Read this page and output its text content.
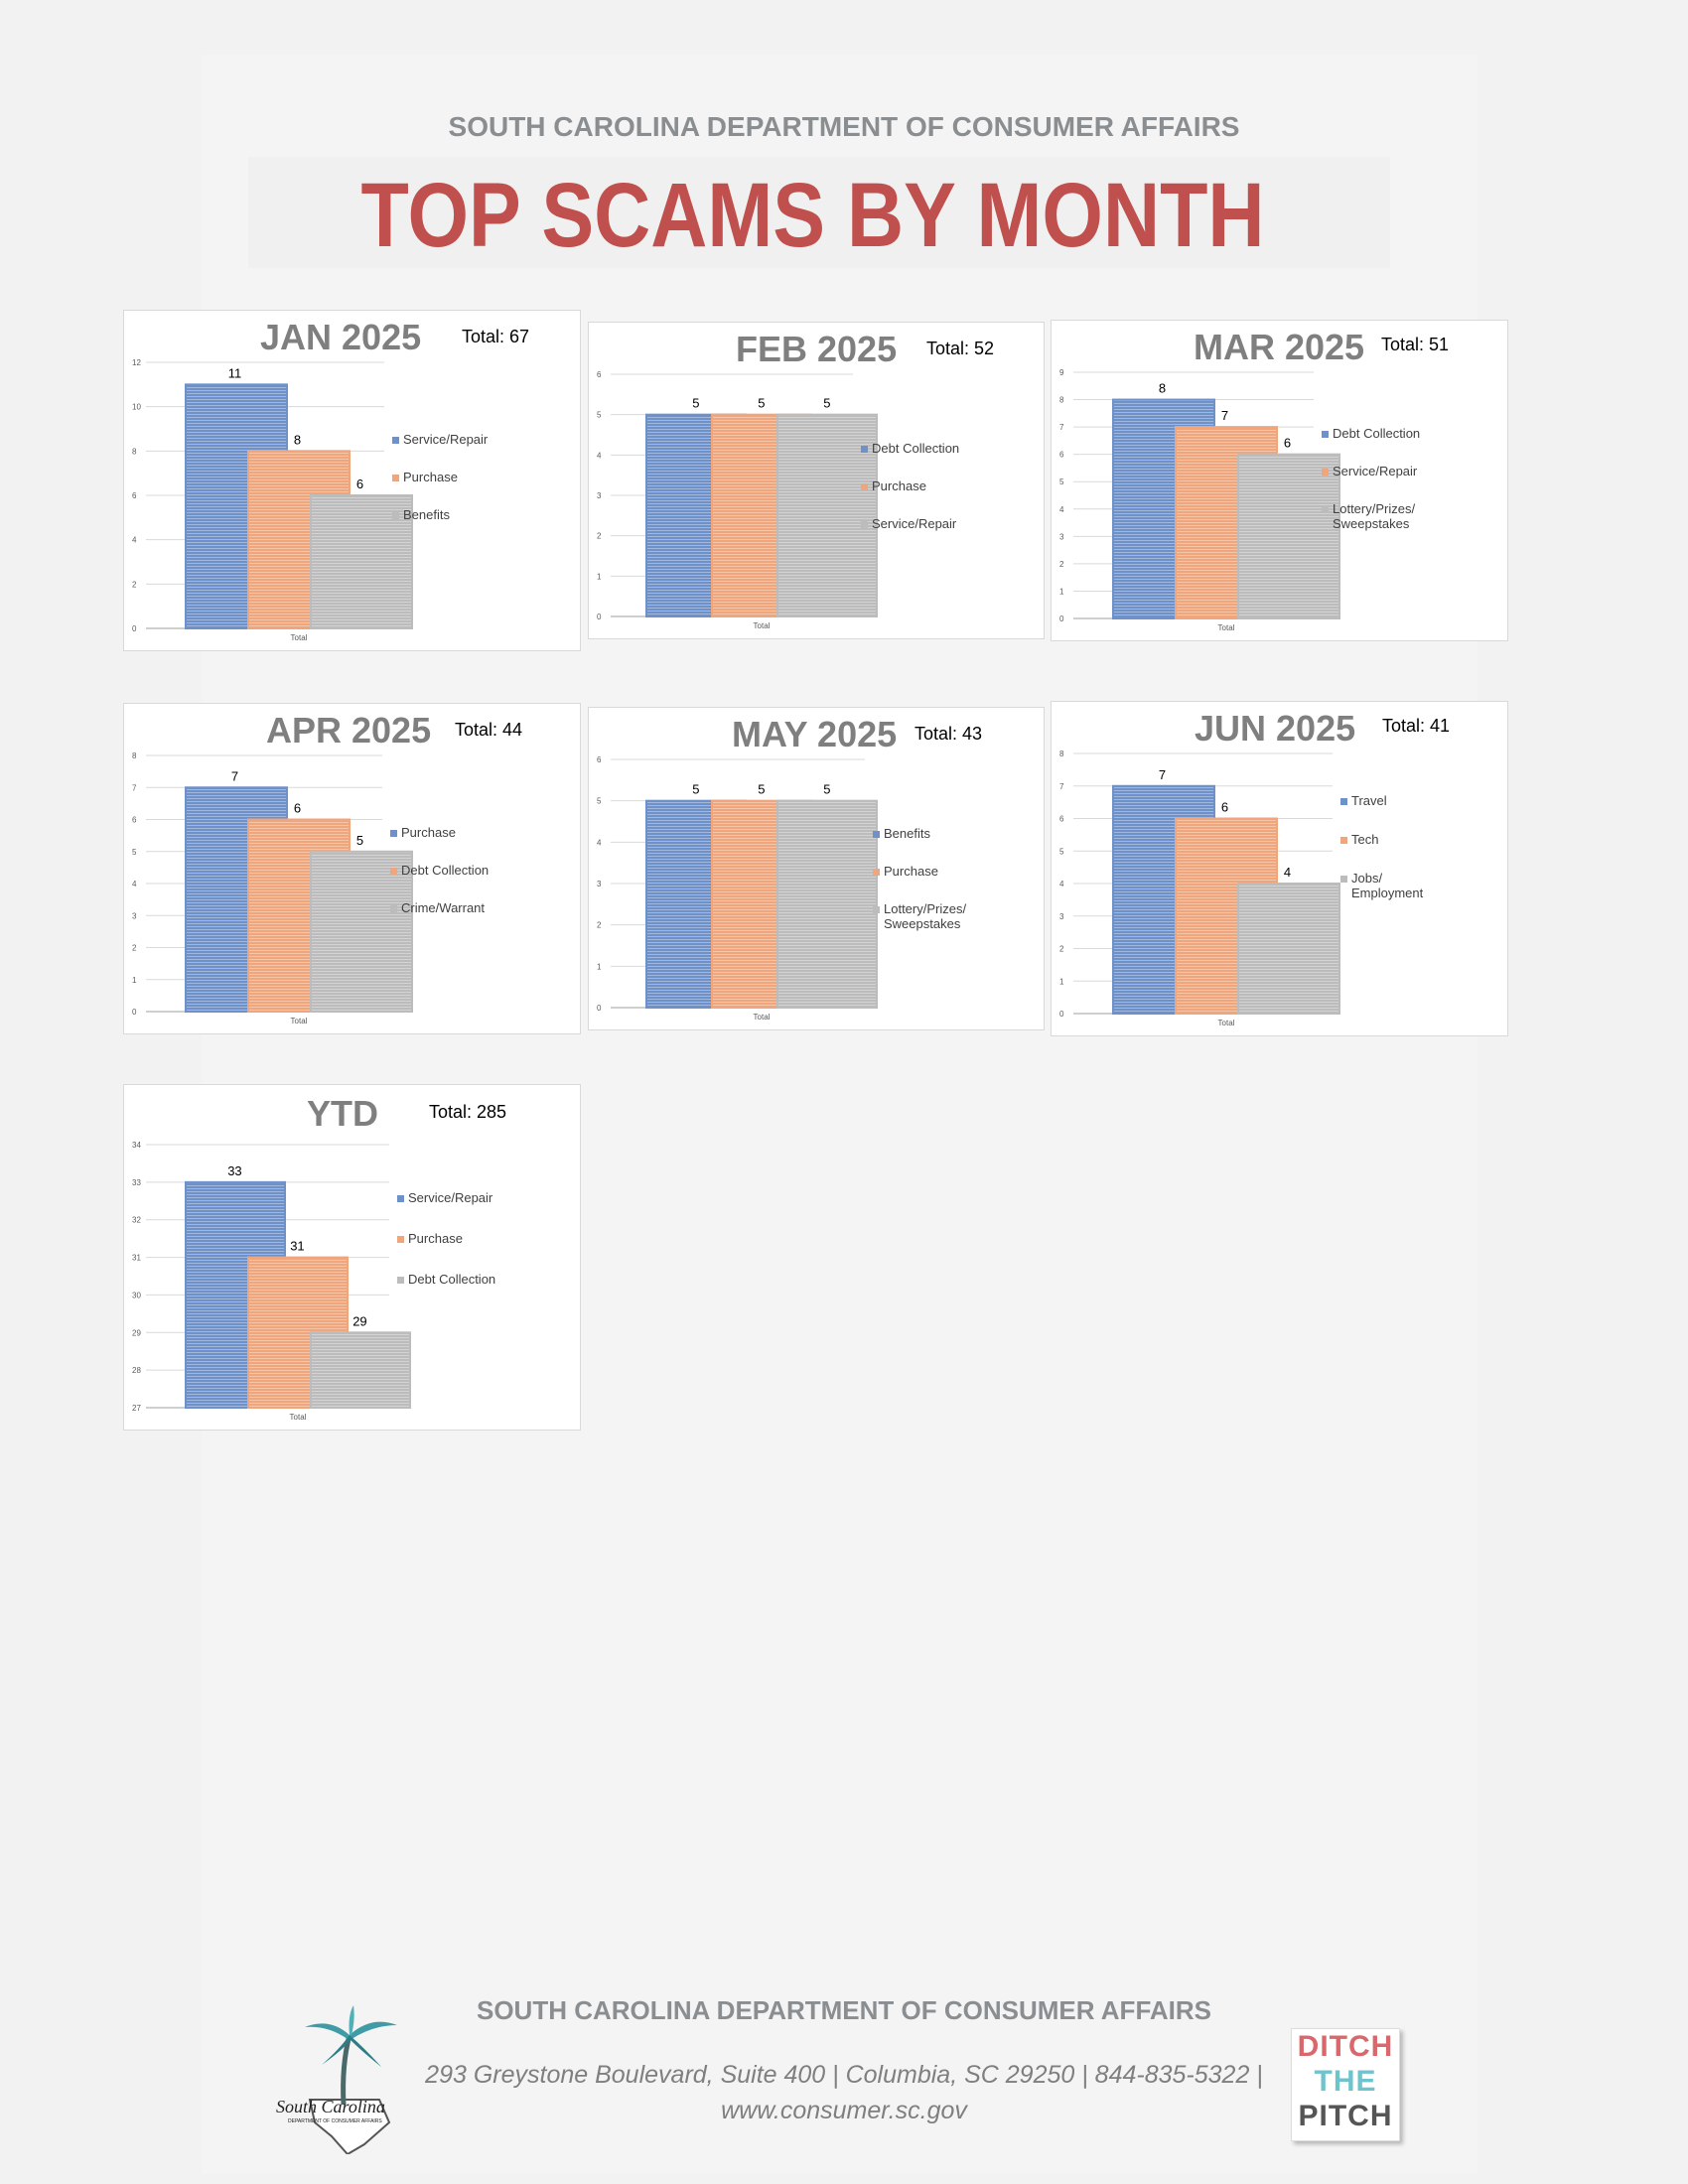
SOUTH CAROLINA DEPARTMENT OF CONSUMER AFFAIRS
TOP SCAMS BY MONTH
JAN 2025 Total: 67
0
2
4
6
8
10
12
11
8
6
Total
Service/Repair
Purchase
Benefits
FEB 2025 Total: 52
0
1
2
3
4
5
6
5	5	5
Total
Debt Collection
Purchase
Service/Repair
MAR 2025 Total: 51
0
1
2
3
4
5
6
7
8
9
8
7
6
Total
Debt Collection
Service/Repair
Lottery/Prizes/
Sweepstakes
APR 2025 Total: 44
0
1
2
3
4
5
6
7
8
7
6
5
Total
Purchase
Debt Collection
Crime/Warrant
MAY 2025 Total: 43
0
1
2
3
4
5
6
5	5	5
Total
Benefits
Purchase
Lottery/Prizes/
Sweepstakes
JUN 2025 Total: 41
0
1
2
3
4
5
6
7
8
7
6
4
Total
Travel
Tech
Jobs/
Employment
YTD	Total: 285
27
28
29
30
31
32
33
34
33
31
29
Total
Service/Repair
Purchase
Debt Collection
SOUTH CAROLINA DEPARTMENT OF CONSUMER AFFAIRS
293 Greystone Boulevard, Suite 400 | Columbia, SC 29250 | 844-835-5322 |
www.consumer.sc.gov
South Carolina
DEPARTMENT OF CONSUMER AFFAIRS
DITCH
THE
PITCH
